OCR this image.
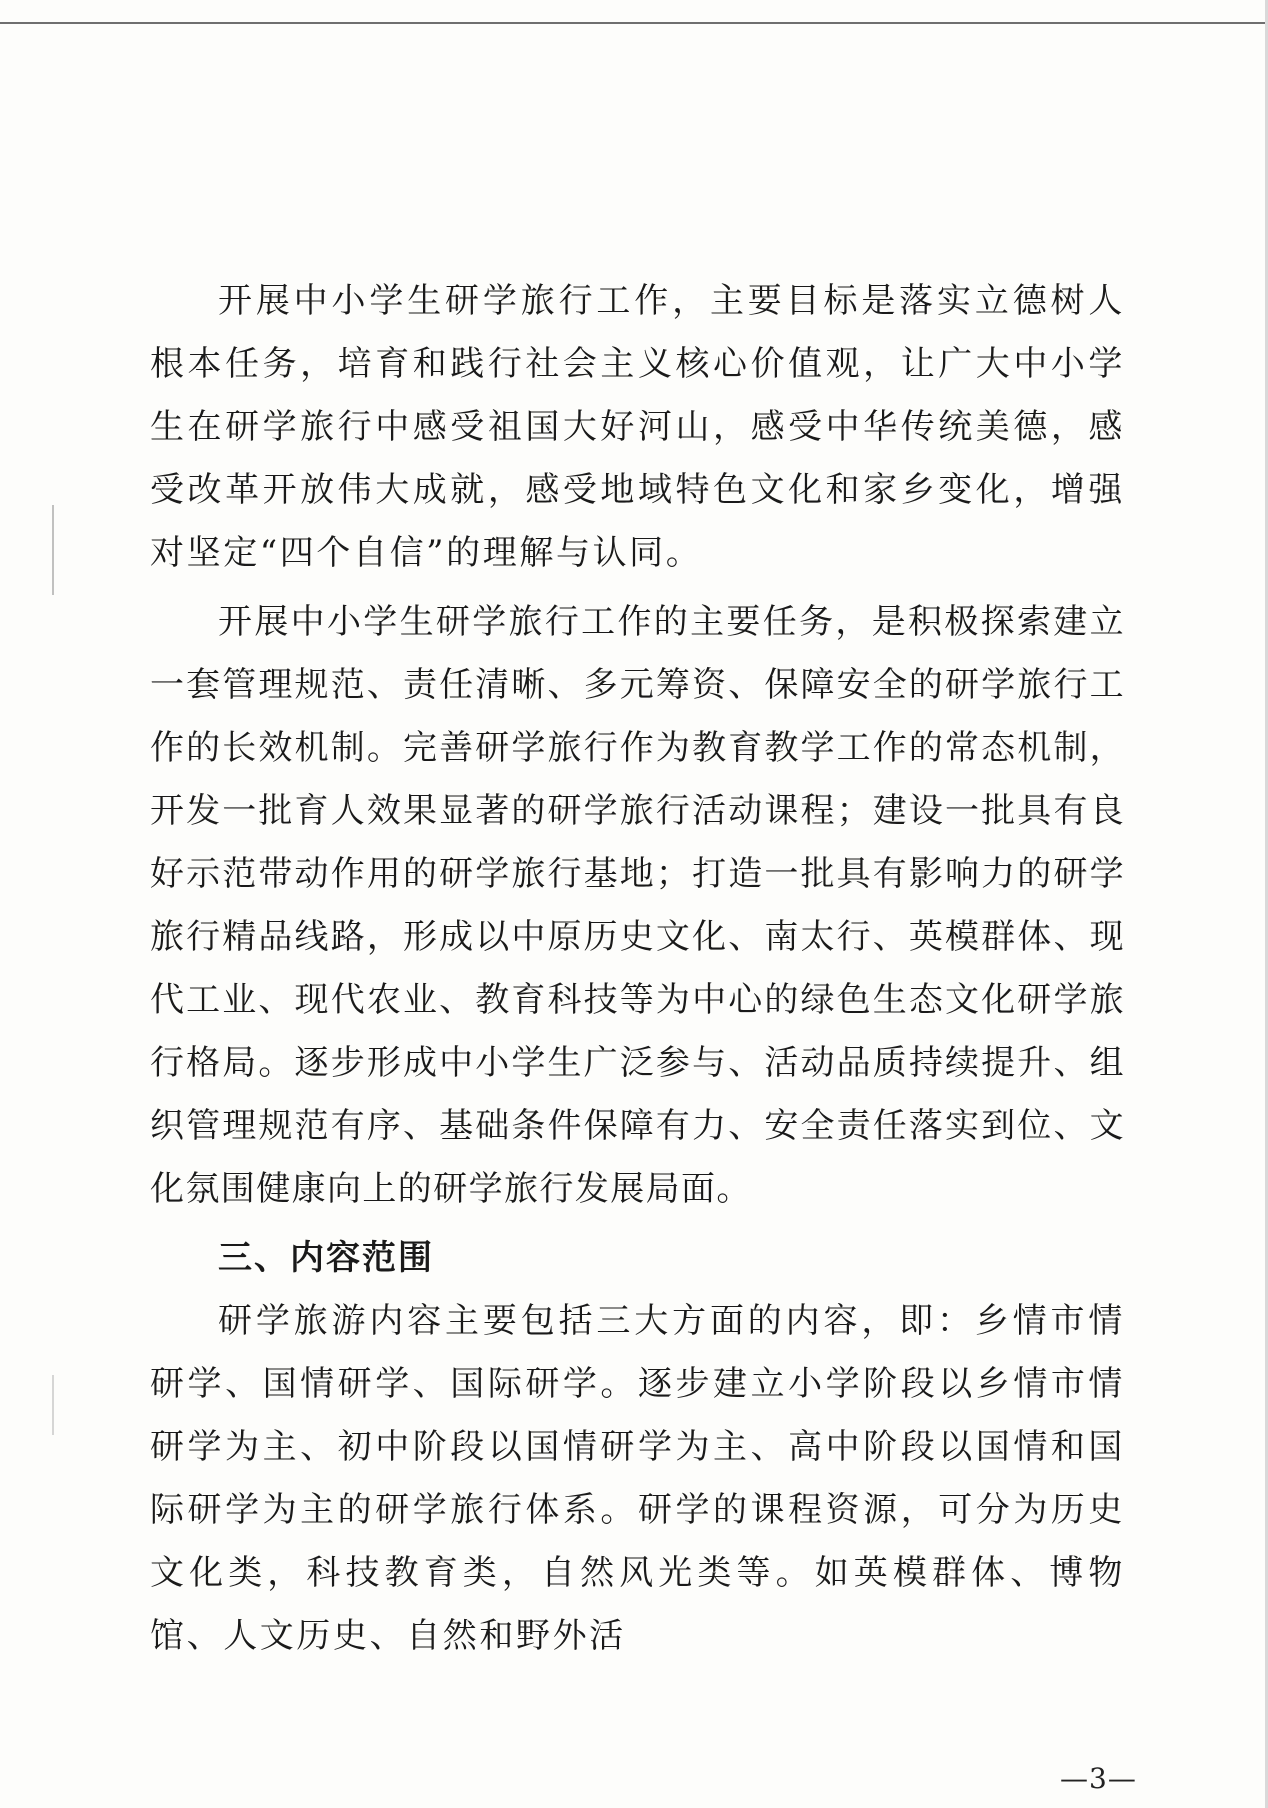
开展中小学生研学旅行工作，主要目标是落实立德树人根本任务，培育和践行社会主义核心价值观，让广大中小学生在研学旅行中感受祖国大好河山，感受中华传统美德，感受改革开放伟大成就，感受地域特色文化和家乡变化，增强对坚定“四个自信”的理解与认同。

开展中小学生研学旅行工作的主要任务，是积极探索建立一套管理规范、责任清晰、多元筹资、保障安全的研学旅行工作的长效机制。完善研学旅行作为教育教学工作的常态机制，开发一批育人效果显著的研学旅行活动课程；建设一批具有良好示范带动作用的研学旅行基地；打造一批具有影响力的研学旅行精品线路，形成以中原历史文化、南太行、英模群体、现代工业、现代农业、教育科技等为中心的绿色生态文化研学旅行格局。逐步形成中小学生广泛参与、活动品质持续提升、组织管理规范有序、基础条件保障有力、安全责任落实到位、文化氛围健康向上的研学旅行发展局面。

三、内容范围

研学旅游内容主要包括三大方面的内容，即：乡情市情研学、国情研学、国际研学。逐步建立小学阶段以乡情市情研学为主、初中阶段以国情研学为主、高中阶段以国情和国际研学为主的研学旅行体系。研学的课程资源，可分为历史文化类，科技教育类，自然风光类等。如英模群体、博物馆、人文历史、自然和野外活

—3—
